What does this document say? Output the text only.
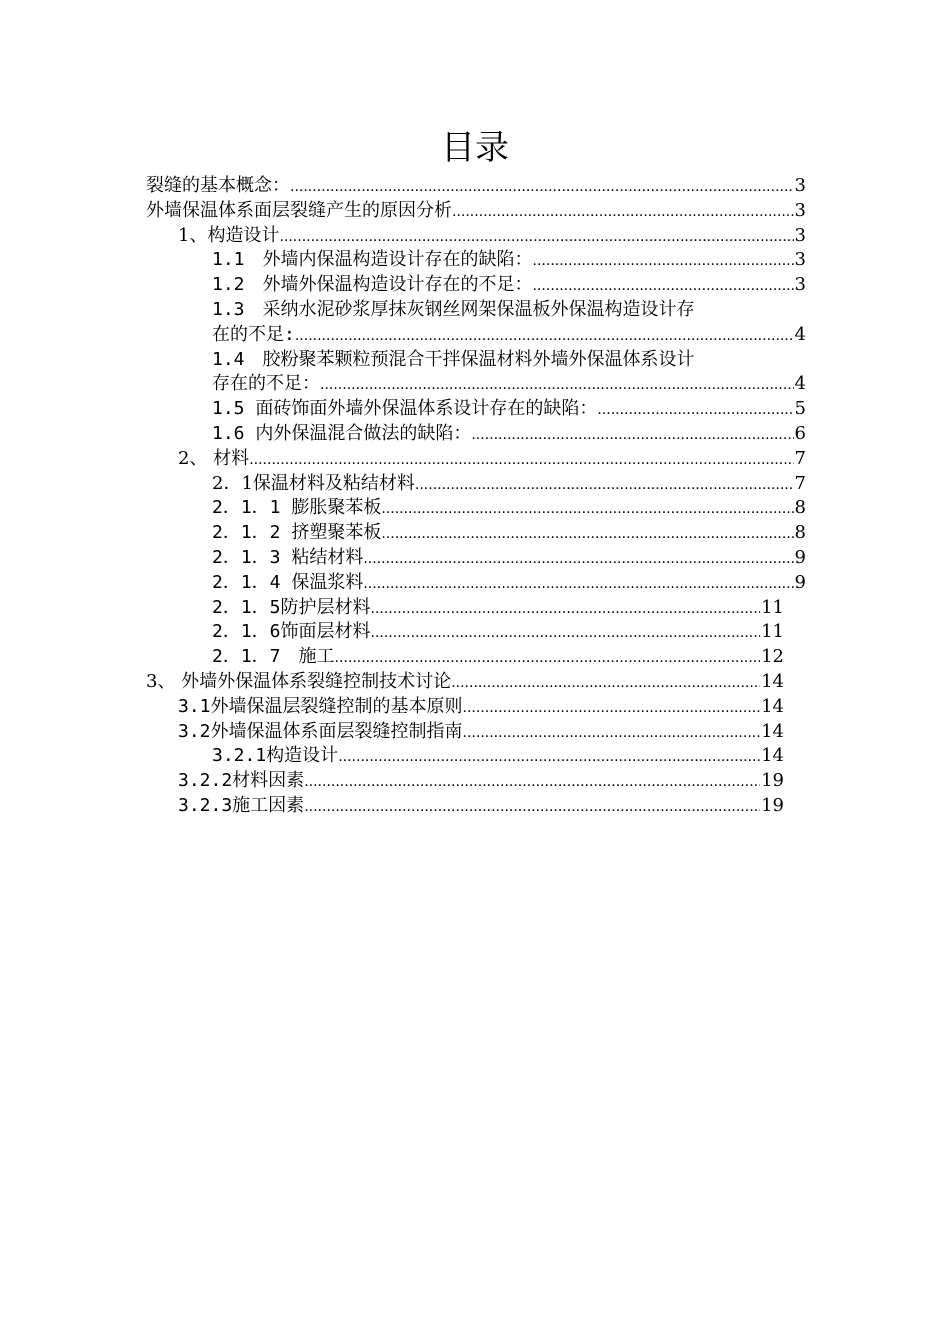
目录
裂缝的基本概念： .....	3
外墙保温体系面层裂缝产生的原因分析 .....	3
1、构造设计 .....	3
1.1　外墙内保温构造设计存在的缺陷： .....	3
1.2　外墙外保温构造设计存在的不足： .....	3
1.3　采纳水泥砂浆厚抹灰钢丝网架保温板外保温构造设计存
在的不足: .....	4
1.4　胶粉聚苯颗粒预混合干拌保温材料外墙外保温体系设计
存在的不足： .....	4
1.5 面砖饰面外墙外保温体系设计存在的缺陷： .....	5
1.6 内外保温混合做法的缺陷： .....	6
2、 材料 .....	7
2．1保温材料及粘结材料 .....	7
2．1．1 膨胀聚苯板 .....	8
2．1．2 挤塑聚苯板 .....	8
2．1．3 粘结材料 .....	9
2．1．4 保温浆料 .....	9
2．1．5防护层材料 .....	11
2．1．6饰面层材料 .....	11
2．1．7　施工 .....	12
3、 外墙外保温体系裂缝控制技术讨论 .....	14
3.1外墙保温层裂缝控制的基本原则 .....	14
3.2外墙保温体系面层裂缝控制指南 .....	14
3.2.1构造设计 .....	14
3.2.2材料因素 .....	19
3.2.3施工因素 .....	19
